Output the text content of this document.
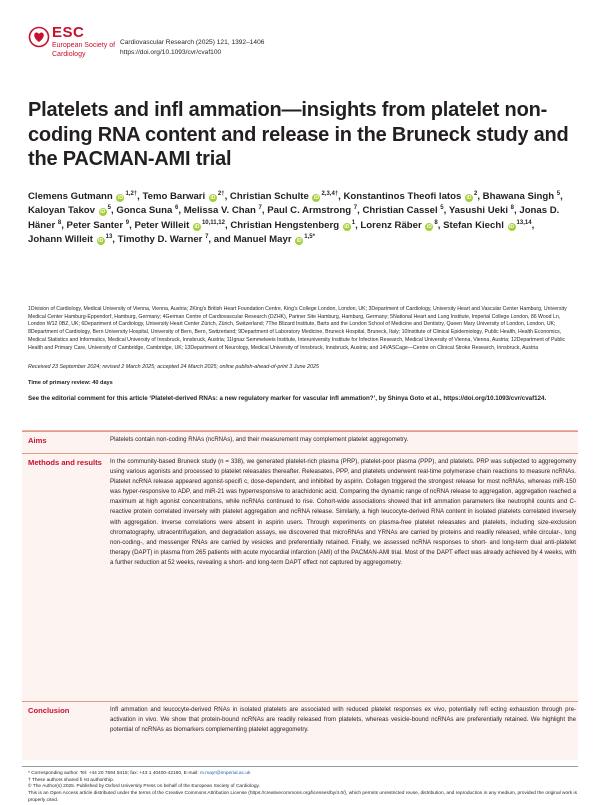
ESC
European Society of Cardiology
Cardiovascular Research (2025) 121, 1392–1406
https://doi.org/10.1093/cvr/cvaf100
Platelets and infl ammation—insights from platelet non-coding RNA content and release in the Bruneck study and the PACMAN-AMI trial
Clemens Gutmann $iD^{1,2\dagger}$, Temo Barwari $iD^{2\dagger}$, Christian Schulte $iD^{2,3,4\dagger}$, Konstantinos Theofi latos $iD^2$, Bhawana Singh $^5$, Kaloyan Takov $iD^5$, Gonca Suna $^6$, Melissa V. Chan $^7$, Paul C. Armstrong $^7$, Christian Cassel $^5$, Yasushi Ueki $^8$, Jonas D. Häner $^8$, Peter Santer $^9$, Peter Willeit iD$^{10,11,12}$, Christian Hengstenberg $iD^1$, Lorenz Räber $iD^8$, Stefan Kiechl iD$^{13,14}$, Johann Willeit $iD^{13}$, Timothy D. Warner $^7$, and Manuel Mayr $iD^{1,5*}$
1Division of Cardiology, Medical University of Vienna, Vienna, Austria; 2King's British Heart Foundation Centre, King's College London, London, UK; 3Department of Cardiology, University Heart and Vascular Center Hamburg, University Medical Center Hamburg-Eppendorf, Hamburg, Germany; 4German Centre of Cardiovascular Research (DZHK), Partner Site Hamburg, Hamburg, Germany; 5National Heart and Lung Institute, Imperial College London, 86 Wood Ln, London W12 0BZ, UK; 6Department of Cardiology, University Heart Center Zürich, Zürich, Switzerland; 7The Blizard Institute, Barts and the London School of Medicine and Dentistry, Queen Mary University of London, London, UK; 8Department of Cardiology, Bern University Hospital, University of Bern, Bern, Switzerland; 9Department of Laboratory Medicine, Bruneck Hospital, Bruneck, Italy; 10Institute of Clinical Epidemiology, Public Health, Health Economics, Medical Statistics and Informatics, Medical University of Innsbruck, Innsbruck, Austria; 11Ignaz Semmelweis Institute, Interuniversity Institute for Infection Research, Medical University of Vienna, Vienna, Austria; 12Department of Public Health and Primary Care, University of Cambridge, Cambridge, UK; 13Department of Neurology, Medical University of Innsbruck, Innsbruck, Austria; and 14VASCage—Centre on Clinical Stroke Research, Innsbruck, Austria
Received 23 September 2024; revised 2 March 2025; accepted 24 March 2025; online publish-ahead-of-print 3 June 2025
Time of primary review: 40 days
See the editorial comment for this article ‘Platelet-derived RNAs: a new regulatory marker for vascular infl ammation?’, by Shinya Goto et al., https://doi.org/10.1093/cvr/cvaf124.
Aims	Platelets contain non-coding RNAs (ncRNAs), and their measurement may complement platelet aggregometry.
Methods and results	In the community-based Bruneck study (n = 338), we generated platelet-rich plasma (PRP), platelet-poor plasma (PPP), and platelets. PRP was subjected to aggregometry using various agonists and processed to platelet releasates thereafter. Releasates, PPP, and platelets underwent real-time polymerase chain reactions to measure ncRNAs. Platelet ncRNA release appeared agonist-specifi c, dose-dependent, and inhibited by aspirin. Collagen triggered the strongest release for most ncRNAs, whereas miR-150 was hyper-responsive to ADP, and miR-21 was hyperresponsive to arachidonic acid. Comparing the dynamic range of ncRNA release to aggregation, aggregation reached a maximum at high agonist concentrations, while ncRNAs continued to rise. Cohort-wide associations showed that infl ammation parameters like neutrophil counts and C-reactive protein correlated inversely with platelet aggregation and ncRNA release. Similarly, a high leucocyte-derived RNA content in isolated platelets correlated inversely with aggregation. Inverse correlations were absent in aspirin users. Through experiments on plasma-free platelet releasates and platelets, including size-exclusion chromatography, ultracentrifugation, and degradation assays, we discovered that microRNAs and YRNAs are carried by proteins and readily released, while circular-, long non-coding-, and messenger RNAs are carried by vesicles and preferentially retained. Finally, we assessed ncRNA responses to short- and long-term dual anti-platelet therapy (DAPT) in plasma from 265 patients with acute myocardial infarction (AMI) of the PACMAN-AMI trial. Most of the DAPT effect was already achieved by 4 weeks, with a further reduction at 52 weeks, revealing a short- and long-term DAPT effect not captured by aggregometry.
Conclusion	Infl ammation and leucocyte-derived RNAs in isolated platelets are associated with reduced platelet responses ex vivo, potentially refl ecting exhaustion through pre-activation in vivo. We show that protein-bound ncRNAs are readily released from platelets, whereas vesicle-bound ncRNAs are preferentially retained. We highlight the potential of ncRNAs as biomarkers complementing platelet aggregometry.
* Corresponding author. Tel: +44 20 7594 8415; fax: +43 1 40400-42160, E-mail: m.mayr@imperial.ac.uk
† These authors shared fi rst authorship.
© The Author(s) 2025. Published by Oxford University Press on behalf of the European Society of Cardiology.
This is an Open Access article distributed under the terms of the Creative Commons Attribution License (https://creativecommons.org/licenses/by/4.0/), which permits unrestricted reuse, distribution, and reproduction in any medium, provided the original work is properly cited.
